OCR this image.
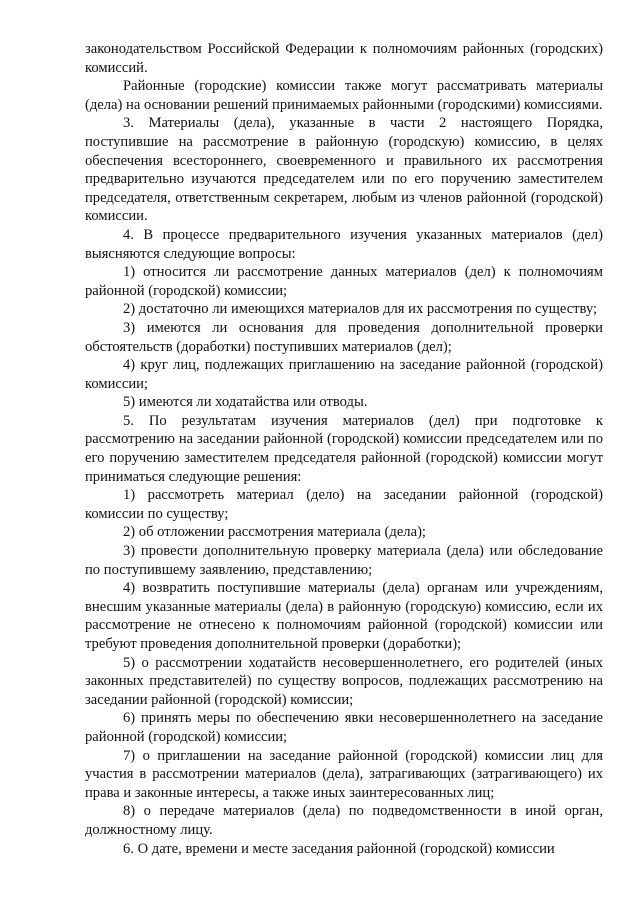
законодательством Российской Федерации к полномочиям районных (городских) комиссий.

Районные (городские) комиссии также могут рассматривать материалы (дела) на основании решений принимаемых районными (городскими) комиссиями.

3. Материалы (дела), указанные в части 2 настоящего Порядка, поступившие на рассмотрение в районную (городскую) комиссию, в целях обеспечения всестороннего, своевременного и правильного их рассмотрения предварительно изучаются председателем или по его поручению заместителем председателя, ответственным секретарем, любым из членов районной (городской) комиссии.

4. В процессе предварительного изучения указанных материалов (дел) выясняются следующие вопросы:

1) относится ли рассмотрение данных материалов (дел) к полномочиям районной (городской) комиссии;

2) достаточно ли имеющихся материалов для их рассмотрения по существу;

3) имеются ли основания для проведения дополнительной проверки обстоятельств (доработки) поступивших материалов (дел);

4) круг лиц, подлежащих приглашению на заседание районной (городской) комиссии;

5) имеются ли ходатайства или отводы.

5. По результатам изучения материалов (дел) при подготовке к рассмотрению на заседании районной (городской) комиссии председателем или по его поручению заместителем председателя районной (городской) комиссии могут приниматься следующие решения:

1) рассмотреть материал (дело) на заседании районной (городской) комиссии по существу;

2) об отложении рассмотрения материала (дела);

3) провести дополнительную проверку материала (дела) или обследование по поступившему заявлению, представлению;

4) возвратить поступившие материалы (дела) органам или учреждениям, внесшим указанные материалы (дела) в районную (городскую) комиссию, если их рассмотрение не отнесено к полномочиям районной (городской) комиссии или требуют проведения дополнительной проверки (доработки);

5) о рассмотрении ходатайств несовершеннолетнего, его родителей (иных законных представителей) по существу вопросов, подлежащих рассмотрению на заседании районной (городской) комиссии;

6) принять меры по обеспечению явки несовершеннолетнего на заседание районной (городской) комиссии;

7) о приглашении на заседание районной (городской) комиссии лиц для участия в рассмотрении материалов (дела), затрагивающих (затрагивающего) их права и законные интересы, а также иных заинтересованных лиц;

8) о передаче материалов (дела) по подведомственности в иной орган, должностному лицу.

6. О дате, времени и месте заседания районной (городской) комиссии
